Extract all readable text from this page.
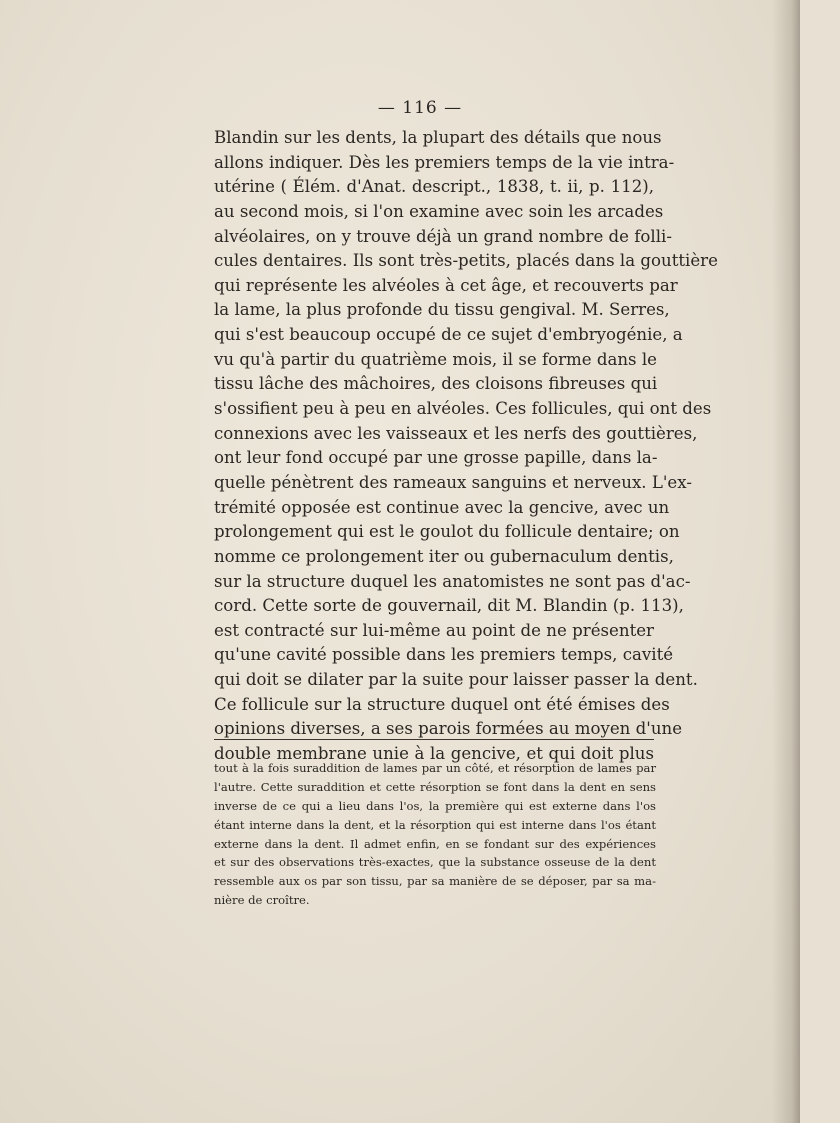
— 116 —
Blandin sur les dents, la plupart des détails que nous
allons indiquer. Dès les premiers temps de la vie intra-
utérine ( Élém. d'Anat. descript., 1838, t. ii, p. 112),
au second mois, si l'on examine avec soin les arcades
alvéolaires, on y trouve déjà un grand nombre de folli-
cules dentaires. Ils sont très-petits, placés dans la gouttière
qui représente les alvéoles à cet âge, et recouverts par
la lame, la plus profonde du tissu gengival. M. Serres,
qui s'est beaucoup occupé de ce sujet d'embryogénie, a
vu qu'à partir du quatrième mois, il se forme dans le
tissu lâche des mâchoires, des cloisons fibreuses qui
s'ossifient peu à peu en alvéoles. Ces follicules, qui ont des
connexions avec les vaisseaux et les nerfs des gouttières,
ont leur fond occupé par une grosse papille, dans la-
quelle pénètrent des rameaux sanguins et nerveux. L'ex-
trémité opposée est continue avec la gencive, avec un
prolongement qui est le goulot du follicule dentaire; on
nomme ce prolongement iter ou gubernaculum dentis,
sur la structure duquel les anatomistes ne sont pas d'ac-
cord. Cette sorte de gouvernail, dit M. Blandin (p. 113),
est contracté sur lui-même au point de ne présenter
qu'une cavité possible dans les premiers temps, cavité
qui doit se dilater par la suite pour laisser passer la dent.
Ce follicule sur la structure duquel ont été émises des
opinions diverses, a ses parois formées au moyen d'une
double membrane unie à la gencive, et qui doit plus
tout à la fois suraddition de lames par un côté, et résorption de lames par
l'autre. Cette suraddition et cette résorption se font dans la dent en sens
inverse de ce qui a lieu dans l'os, la première qui est externe dans l'os
étant interne dans la dent, et la résorption qui est interne dans l'os étant
externe dans la dent. Il admet enfin, en se fondant sur des expériences
et sur des observations très-exactes, que la substance osseuse de la dent
ressemble aux os par son tissu, par sa manière de se déposer, par sa ma-
nière de croître.
